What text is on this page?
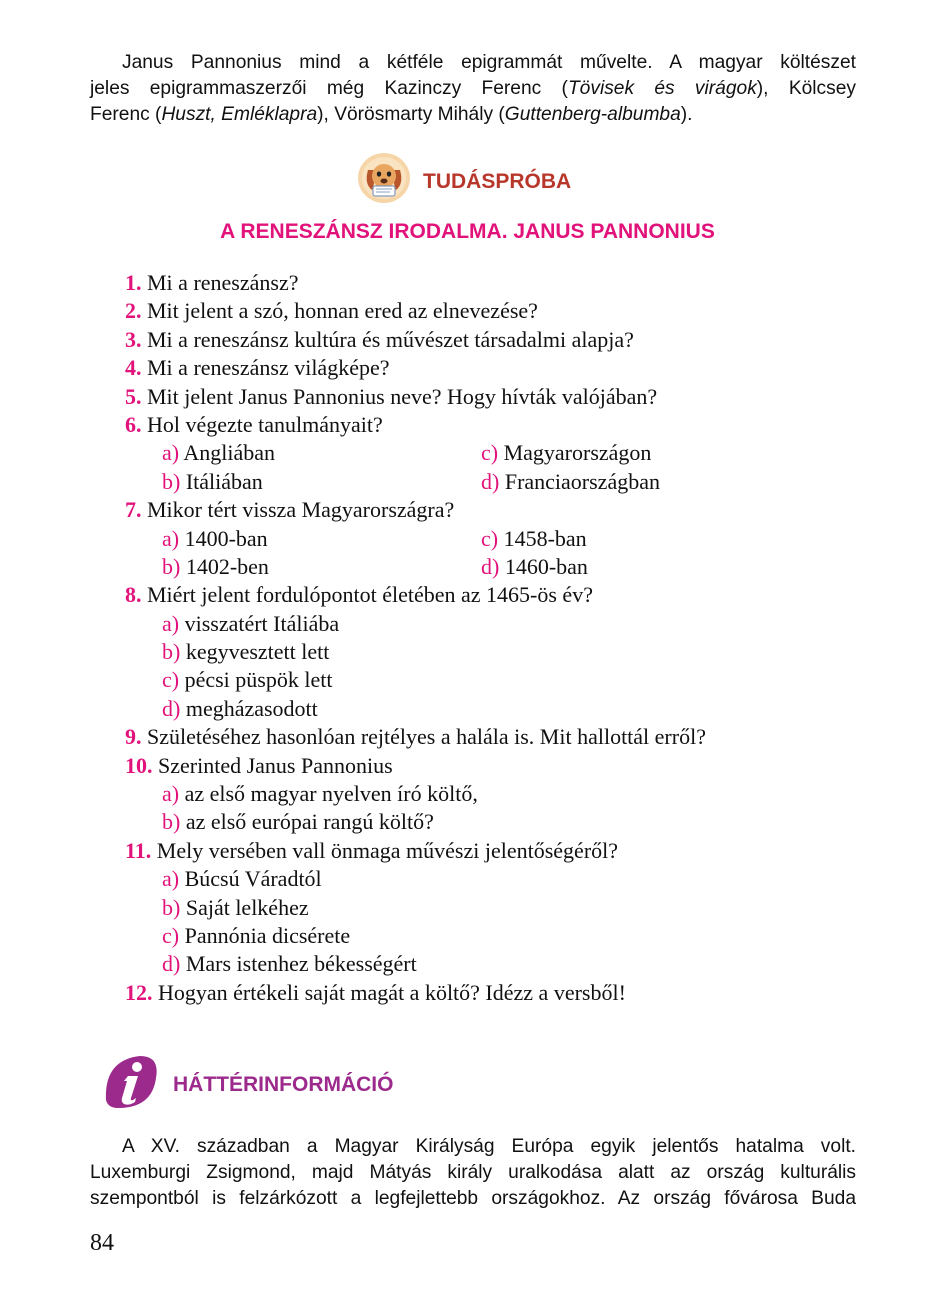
Janus Pannonius mind a kétféle epigrammát művelte. A magyar költészet
jeles epigrammaszerzői még Kazinczy Ferenc (Tövisek és virágok), Kölcsey
Ferenc (Huszt, Emléklapra), Vörösmarty Mihály (Guttenberg-albumba).
TUDÁSPRÓBA
A RENESZÁNSZ IRODALMA. JANUS PANNONIUS
1. Mi a reneszánsz?
2. Mit jelent a szó, honnan ered az elnevezése?
3. Mi a reneszánsz kultúra és művészet társadalmi alapja?
4. Mi a reneszánsz világképe?
5. Mit jelent Janus Pannonius neve? Hogy hívták valójában?
6. Hol végezte tanulmányait?
a) Angliában	c) Magyarországon
b) Itáliában	d) Franciaországban
7. Mikor tért vissza Magyarországra?
a) 1400-ban	c) 1458-ban
b) 1402-ben	d) 1460-ban
8. Miért jelent fordulópontot életében az 1465-ös év?
a) visszatért Itáliába
b) kegyvesztett lett
c) pécsi püspök lett
d) megházasodott
9. Születéséhez hasonlóan rejtélyes a halála is. Mit hallottál erről?
10. Szerinted Janus Pannonius
a) az első magyar nyelven író költő,
b) az első európai rangú költő?
11. Mely versében vall önmaga művészi jelentőségéről?
a) Búcsú Váradtól
b) Saját lelkéhez
c) Pannónia dicsérete
d) Mars istenhez békességért
12. Hogyan értékeli saját magát a költő? Idézz a versből!
HÁTTÉRINFORMÁCIÓ
A XV. században a Magyar Királyság Európa egyik jelentős hatalma volt.
Luxemburgi Zsigmond, majd Mátyás király uralkodása alatt az ország kulturális
szempontból is felzárkózott a legfejlettebb országokhoz. Az ország fővárosa Buda
84
